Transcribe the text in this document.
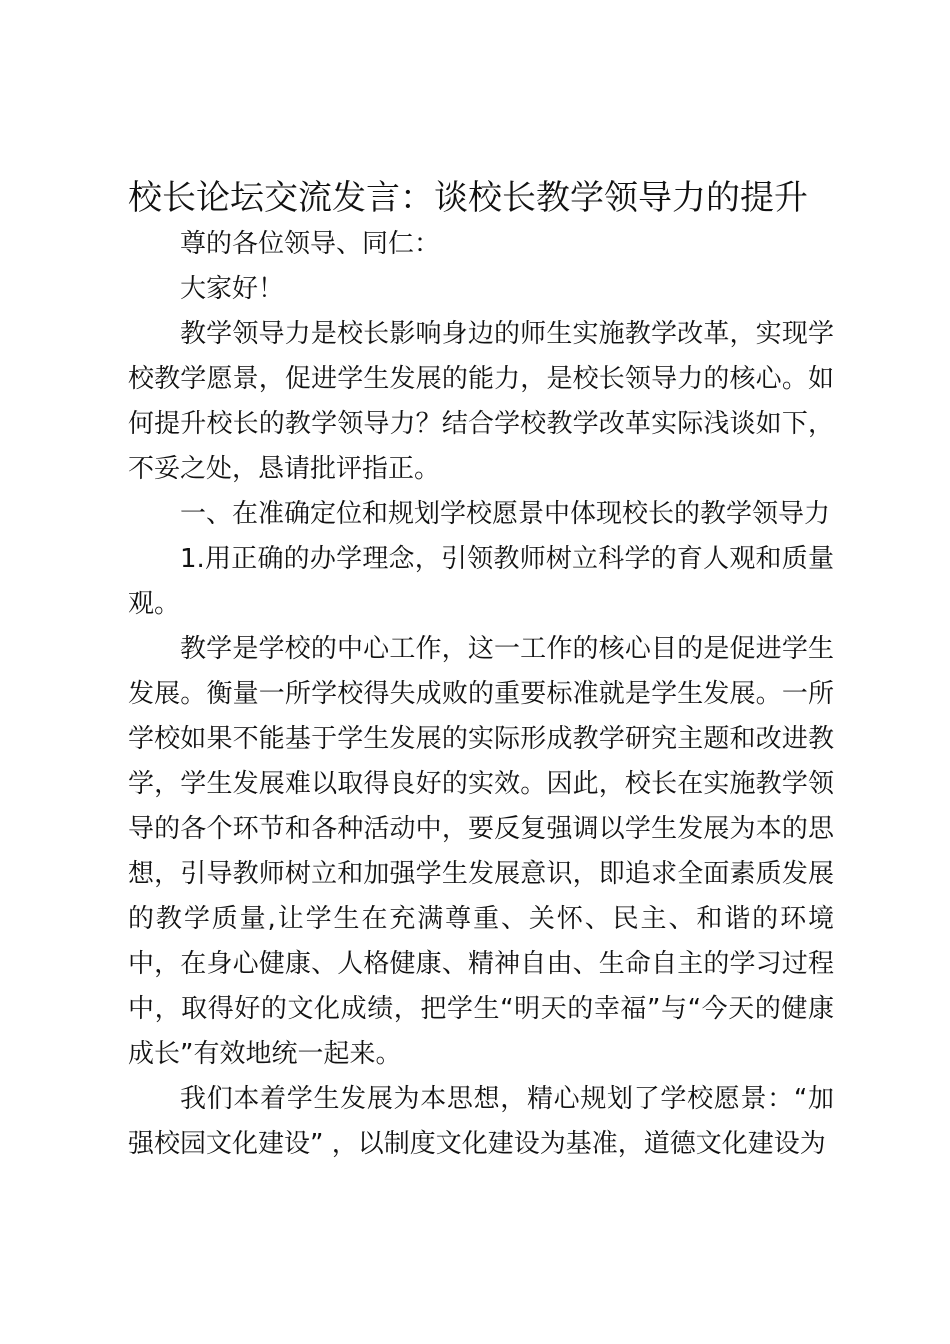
校长论坛交流发言：谈校长教学领导力的提升

尊的各位领导、同仁：

大家好！

教学领导力是校长影响身边的师生实施教学改革，实现学校教学愿景，促进学生发展的能力，是校长领导力的核心。如何提升校长的教学领导力？结合学校教学改革实际浅谈如下，不妥之处，恳请批评指正。

一、在准确定位和规划学校愿景中体现校长的教学领导力

1.用正确的办学理念，引领教师树立科学的育人观和质量观。

教学是学校的中心工作，这一工作的核心目的是促进学生发展。衡量一所学校得失成败的重要标准就是学生发展。一所学校如果不能基于学生发展的实际形成教学研究主题和改进教学，学生发展难以取得良好的实效。因此，校长在实施教学领导的各个环节和各种活动中，要反复强调以学生发展为本的思想，引导教师树立和加强学生发展意识，即追求全面素质发展的教学质量,让学生在充满尊重、关怀、民主、和谐的环境中，在身心健康、人格健康、精神自由、生命自主的学习过程中，取得好的文化成绩，把学生“明天的幸福”与“今天的健康成长”有效地统一起来。

我们本着学生发展为本思想，精心规划了学校愿景：“加强校园文化建设” ，以制度文化建设为基准，道德文化建设为
